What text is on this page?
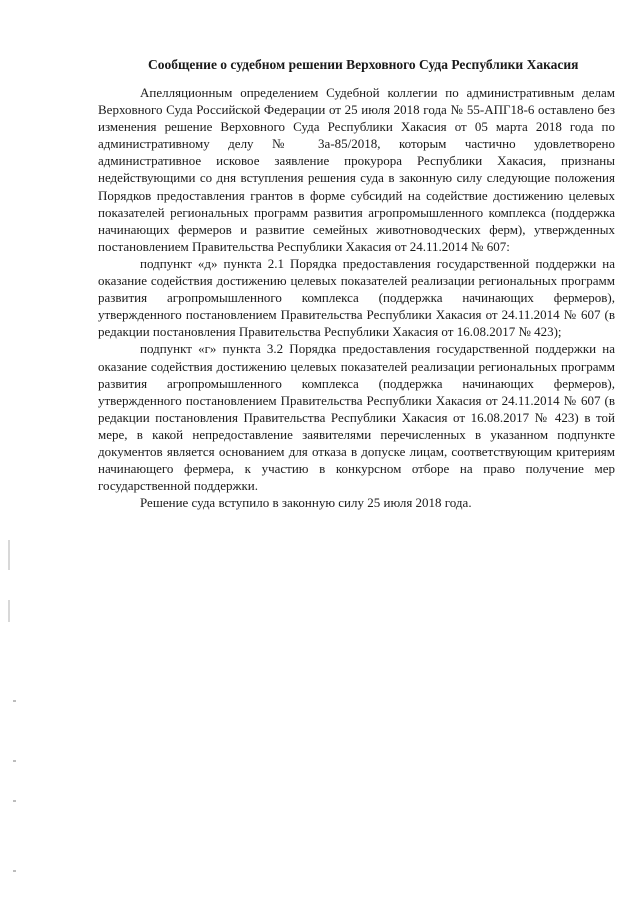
Сообщение о судебном решении Верховного Суда Республики Хакасия

Апелляционным определением Судебной коллегии по административным делам Верховного Суда Российской Федерации от 25 июля 2018 года № 55-АПГ18-6 оставлено без изменения решение Верховного Суда Республики Хакасия от 05 марта 2018 года по административному делу № 3а-85/2018, которым частично удовлетворено административное исковое заявление прокурора Республики Хакасия, признаны недействующими со дня вступления решения суда в законную силу следующие положения Порядков предоставления грантов в форме субсидий на содействие достижению целевых показателей региональных программ развития агропромышленного комплекса (поддержка начинающих фермеров и развитие семейных животноводческих ферм), утвержденных постановлением Правительства Республики Хакасия от 24.11.2014 № 607:

подпункт «д» пункта 2.1 Порядка предоставления государственной поддержки на оказание содействия достижению целевых показателей реализации региональных программ развития агропромышленного комплекса (поддержка начинающих фермеров), утвержденного постановлением Правительства Республики Хакасия от 24.11.2014 № 607 (в редакции постановления Правительства Республики Хакасия от 16.08.2017 № 423);

подпункт «г» пункта 3.2 Порядка предоставления государственной поддержки на оказание содействия достижению целевых показателей реализации региональных программ развития агропромышленного комплекса (поддержка начинающих фермеров), утвержденного постановлением Правительства Республики Хакасия от 24.11.2014 № 607 (в редакции постановления Правительства Республики Хакасия от 16.08.2017 № 423) в той мере, в какой непредоставление заявителями перечисленных в указанном подпункте документов является основанием для отказа в допуске лицам, соответствующим критериям начинающего фермера, к участию в конкурсном отборе на право получение мер государственной поддержки.

Решение суда вступило в законную силу 25 июля 2018 года.
